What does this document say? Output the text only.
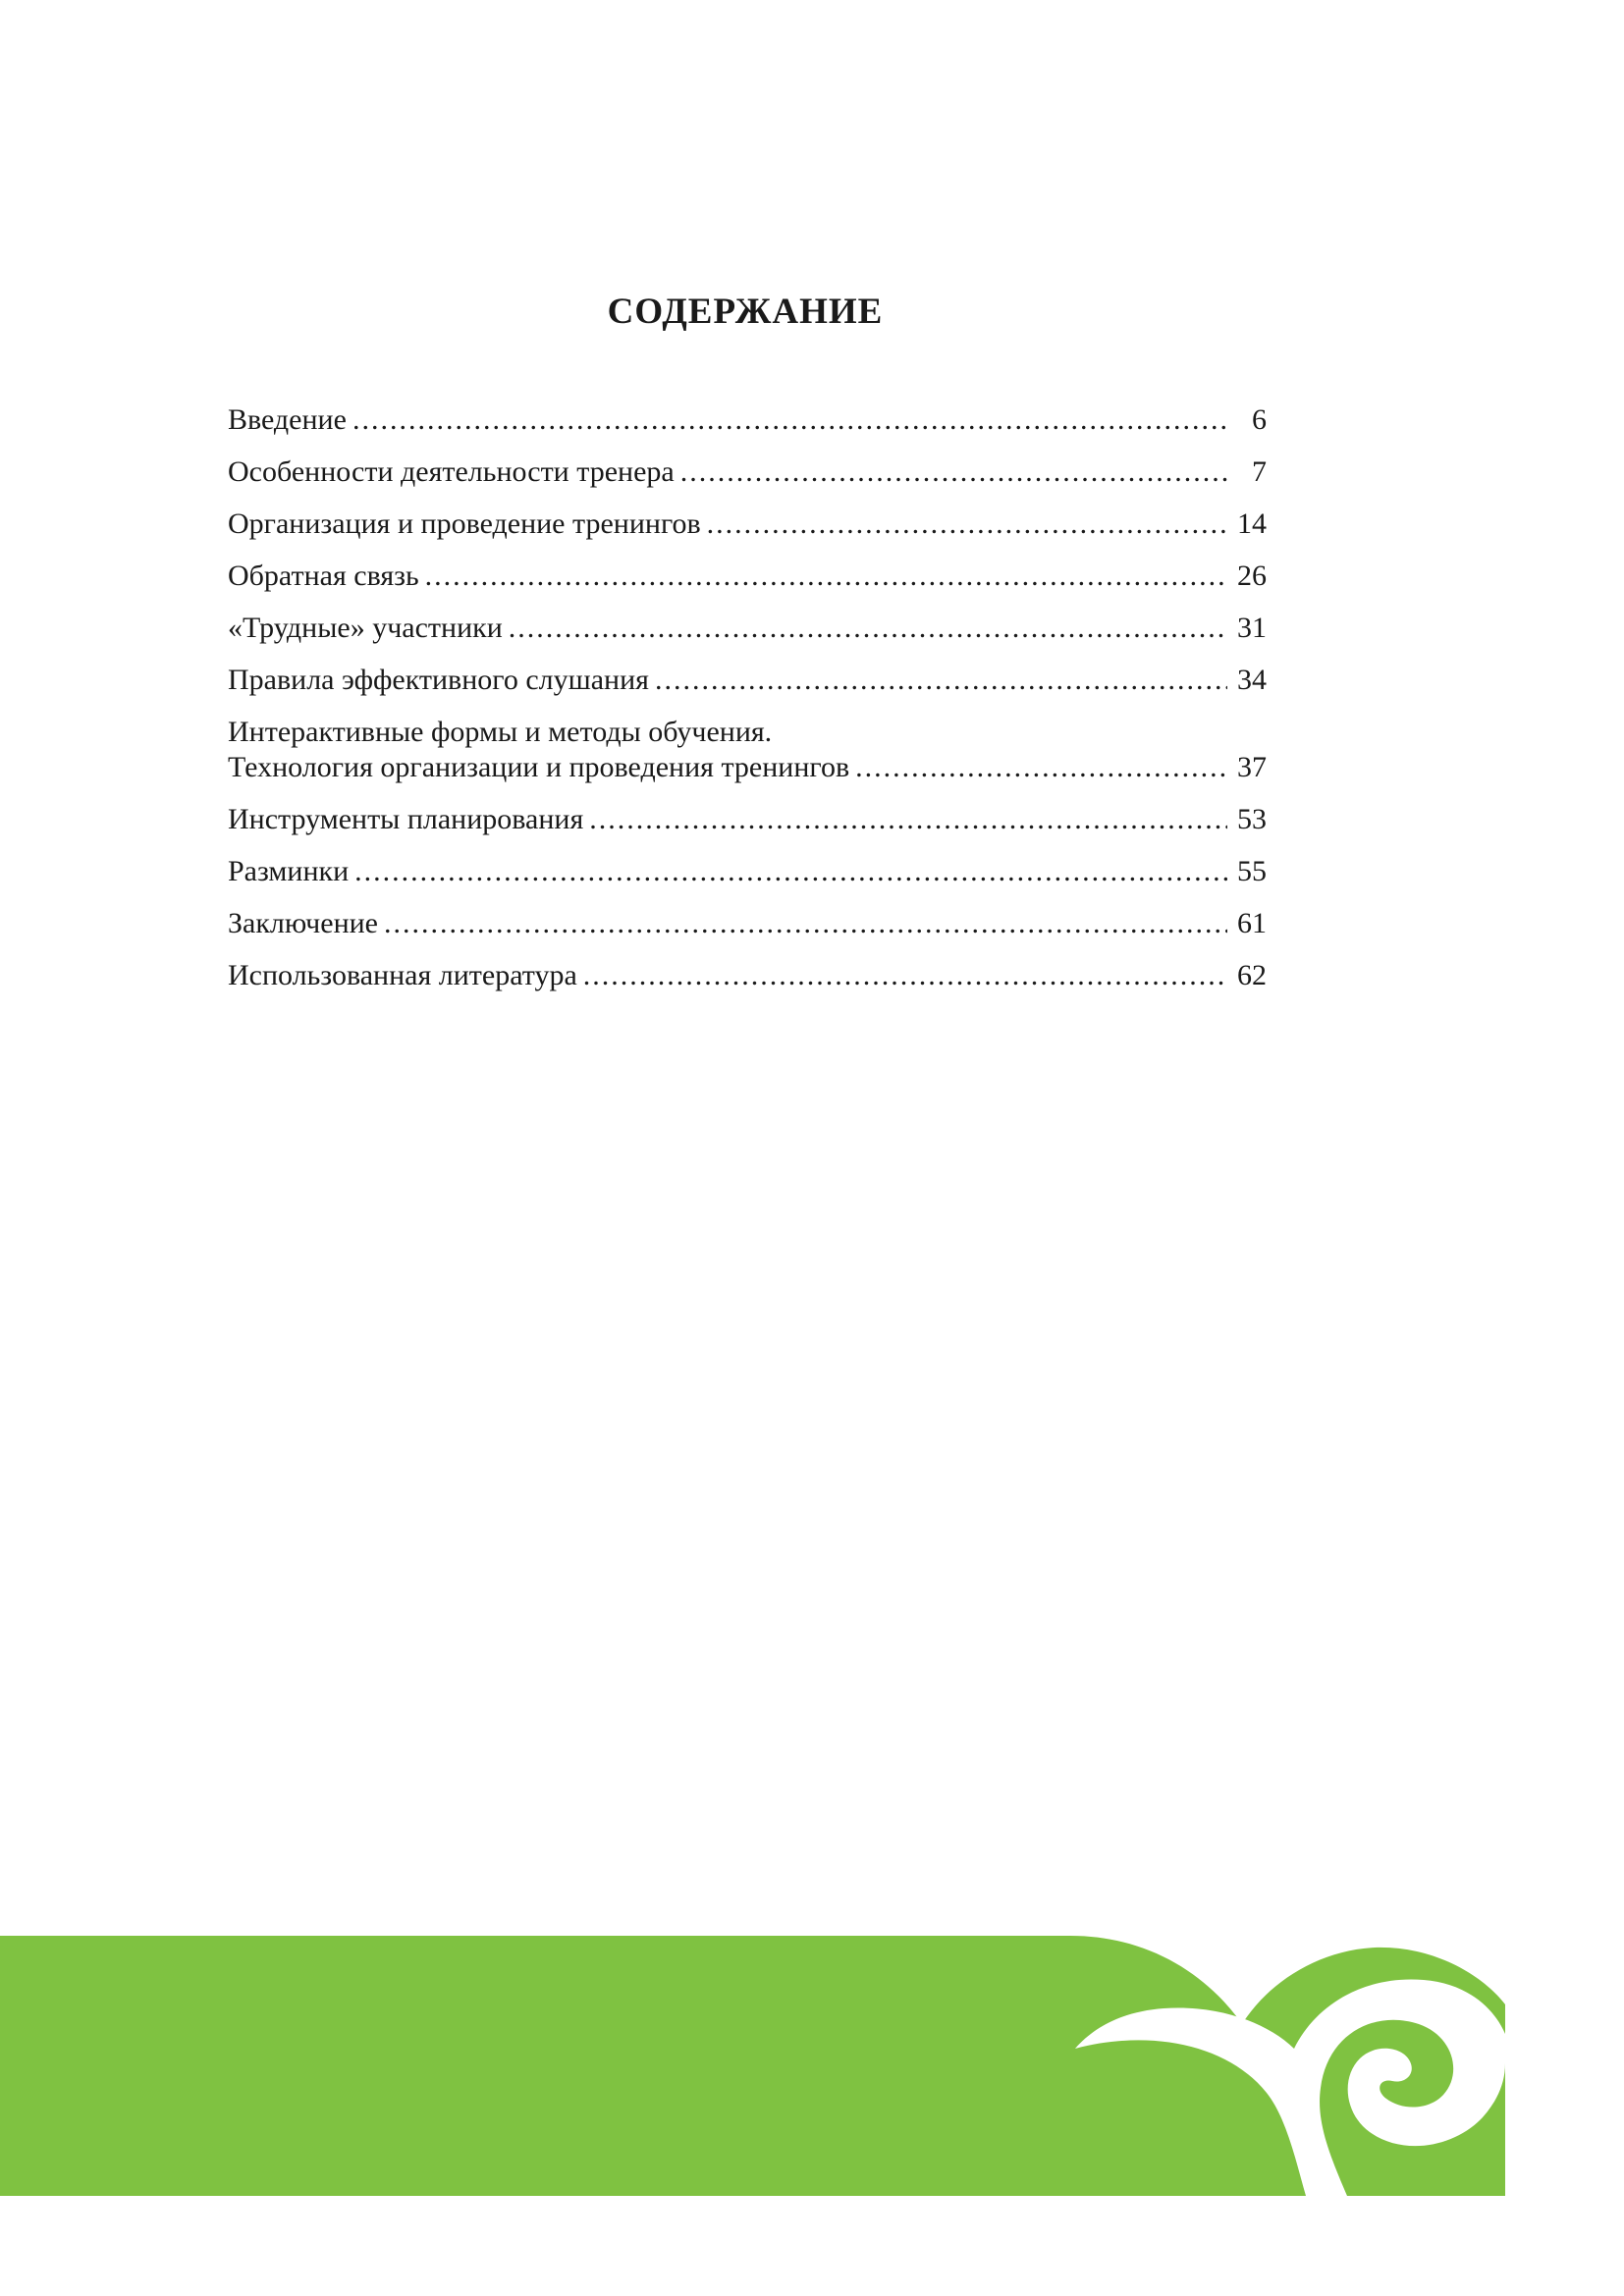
СОДЕРЖАНИЕ
Введение .....	6
Особенности деятельности тренера .....	7
Организация и проведение тренингов .....	14
Обратная связь .....	26
«Трудные» участники .....	31
Правила эффективного слушания .....	34
Интерактивные формы и методы обучения.
Технология организации и проведения тренингов .....	37
Инструменты планирования .....	53
Разминки .....	55
Заключение .....	61
Использованная литература .....	62
